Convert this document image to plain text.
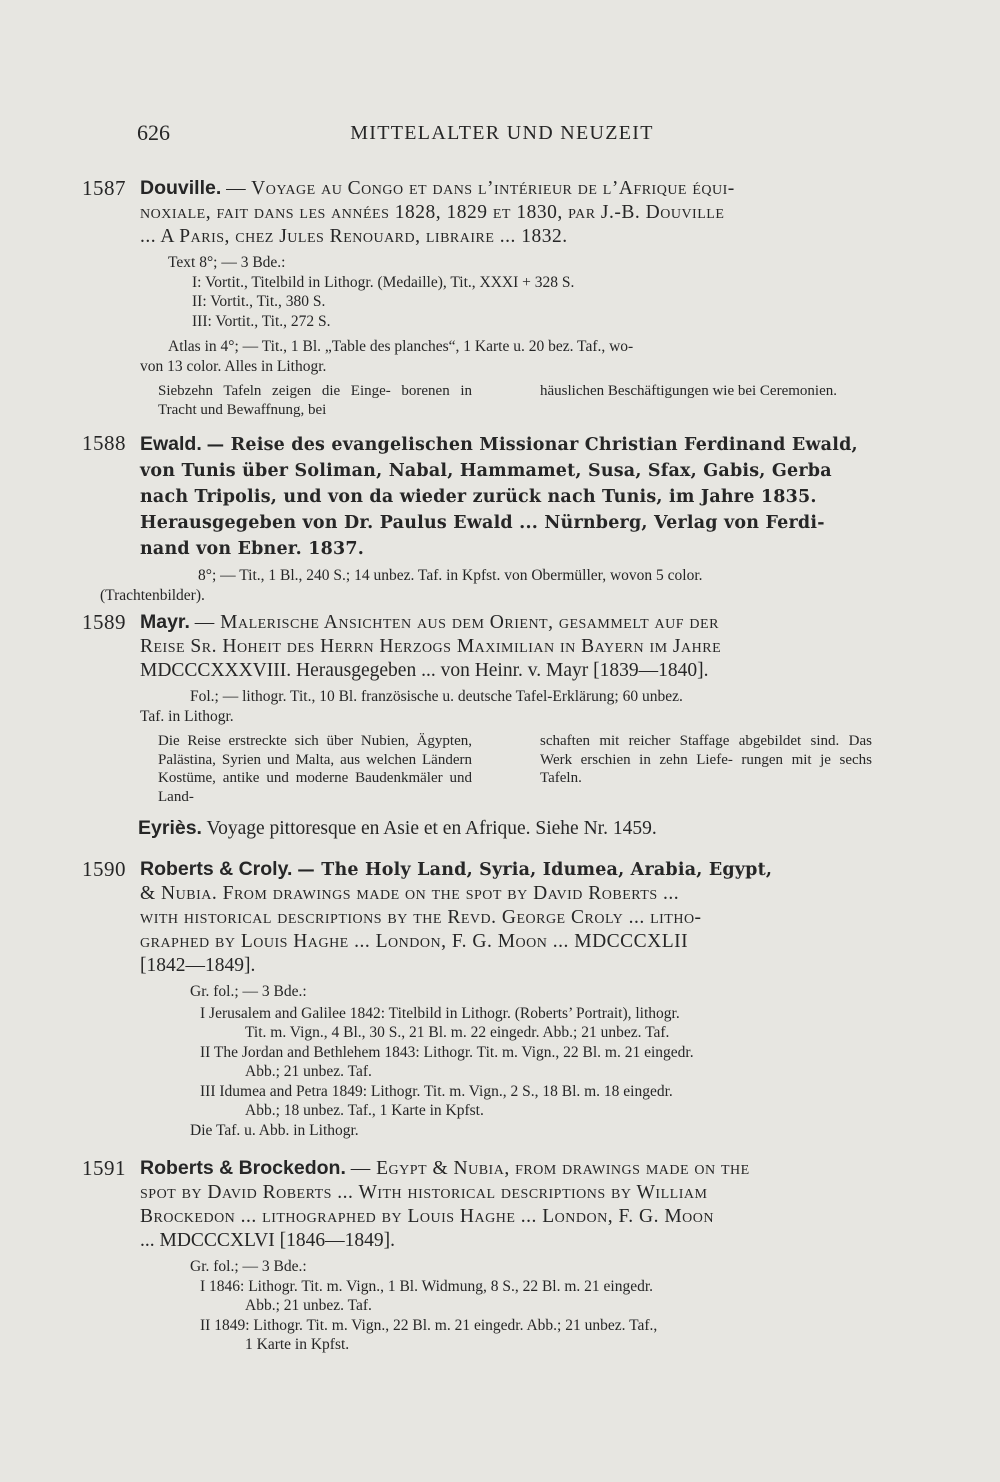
626	MITTELALTER UND NEUZEIT
1587 Douville. — Voyage au Congo et dans l’intérieur de l’Afrique équi-
noxiale, fait dans les années 1828, 1829 et 1830, par J.-B. Douville
... A Paris, chez Jules Renouard, libraire ... 1832.

Text 8°; — 3 Bde.:

I: Vortit., Titelbild in Lithogr. (Medaille), Tit., XXXI + 328 S.

II: Vortit., Tit., 380 S.

III: Vortit., Tit., 272 S.

Atlas in 4°; — Tit., 1 Bl. „Table des planches“, 1 Karte u. 20 bez. Taf., wo-

von 13 color. Alles in Lithogr.

Siebzehn Tafeln zeigen die Einge- borenen in Tracht und Bewaffnung, bei
häuslichen Beschäftigungen wie bei Ceremonien.
1588 Ewald. — Reise des evangelischen Missionar Christian Ferdinand Ewald,
von Tunis über Soliman, Nabal, Hammamet, Susa, Sfax, Gabis, Gerba
nach Tripolis, und von da wieder zurück nach Tunis, im Jahre 1835.
Herausgegeben von Dr. Paulus Ewald ... Nürnberg, Verlag von Ferdi-
nand von Ebner. 1837.

8°; — Tit., 1 Bl., 240 S.; 14 unbez. Taf. in Kpfst. von Obermüller, wovon 5 color.

(Trachtenbilder).

1589 Mayr. — Malerische Ansichten aus dem Orient, gesammelt auf der
Reise Sr. Hoheit des Herrn Herzogs Maximilian in Bayern im Jahre
MDCCCXXXVIII. Herausgegeben ... von Heinr. v. Mayr [1839—1840].

Fol.; — lithogr. Tit., 10 Bl. französische u. deutsche Tafel-Erklärung; 60 unbez.

Taf. in Lithogr.

Die Reise erstreckte sich über Nubien, Ägypten, Palästina, Syrien und Malta, aus welchen Ländern Kostüme, antike und moderne Baudenkmäler und Land-
schaften mit reicher Staffage abgebildet sind. Das Werk erschien in zehn Liefe- rungen mit je sechs Tafeln.
Eyriès. Voyage pittoresque en Asie et en Afrique. Siehe Nr. 1459.
1590 Roberts & Croly. — The Holy Land, Syria, Idumea, Arabia, Egypt,
& Nubia. From drawings made on the spot by David Roberts ...
with historical descriptions by the Revd. George Croly ... litho-
graphed by Louis Haghe ... London, F. G. Moon ... MDCCCXLII
[1842—1849].

Gr. fol.; — 3 Bde.:

I Jerusalem and Galilee 1842: Titelbild in Lithogr. (Roberts’ Portrait), lithogr.

Tit. m. Vign., 4 Bl., 30 S., 21 Bl. m. 22 eingedr. Abb.; 21 unbez. Taf.

II The Jordan and Bethlehem 1843: Lithogr. Tit. m. Vign., 22 Bl. m. 21 eingedr.

Abb.; 21 unbez. Taf.

III Idumea and Petra 1849: Lithogr. Tit. m. Vign., 2 S., 18 Bl. m. 18 eingedr.

Abb.; 18 unbez. Taf., 1 Karte in Kpfst.

Die Taf. u. Abb. in Lithogr.

1591 Roberts & Brockedon. — Egypt & Nubia, from drawings made on the
spot by David Roberts ... With historical descriptions by William
Brockedon ... lithographed by Louis Haghe ... London, F. G. Moon
... MDCCCXLVI [1846—1849].

Gr. fol.; — 3 Bde.:

I 1846: Lithogr. Tit. m. Vign., 1 Bl. Widmung, 8 S., 22 Bl. m. 21 eingedr.

Abb.; 21 unbez. Taf.

II 1849: Lithogr. Tit. m. Vign., 22 Bl. m. 21 eingedr. Abb.; 21 unbez. Taf.,

1 Karte in Kpfst.
